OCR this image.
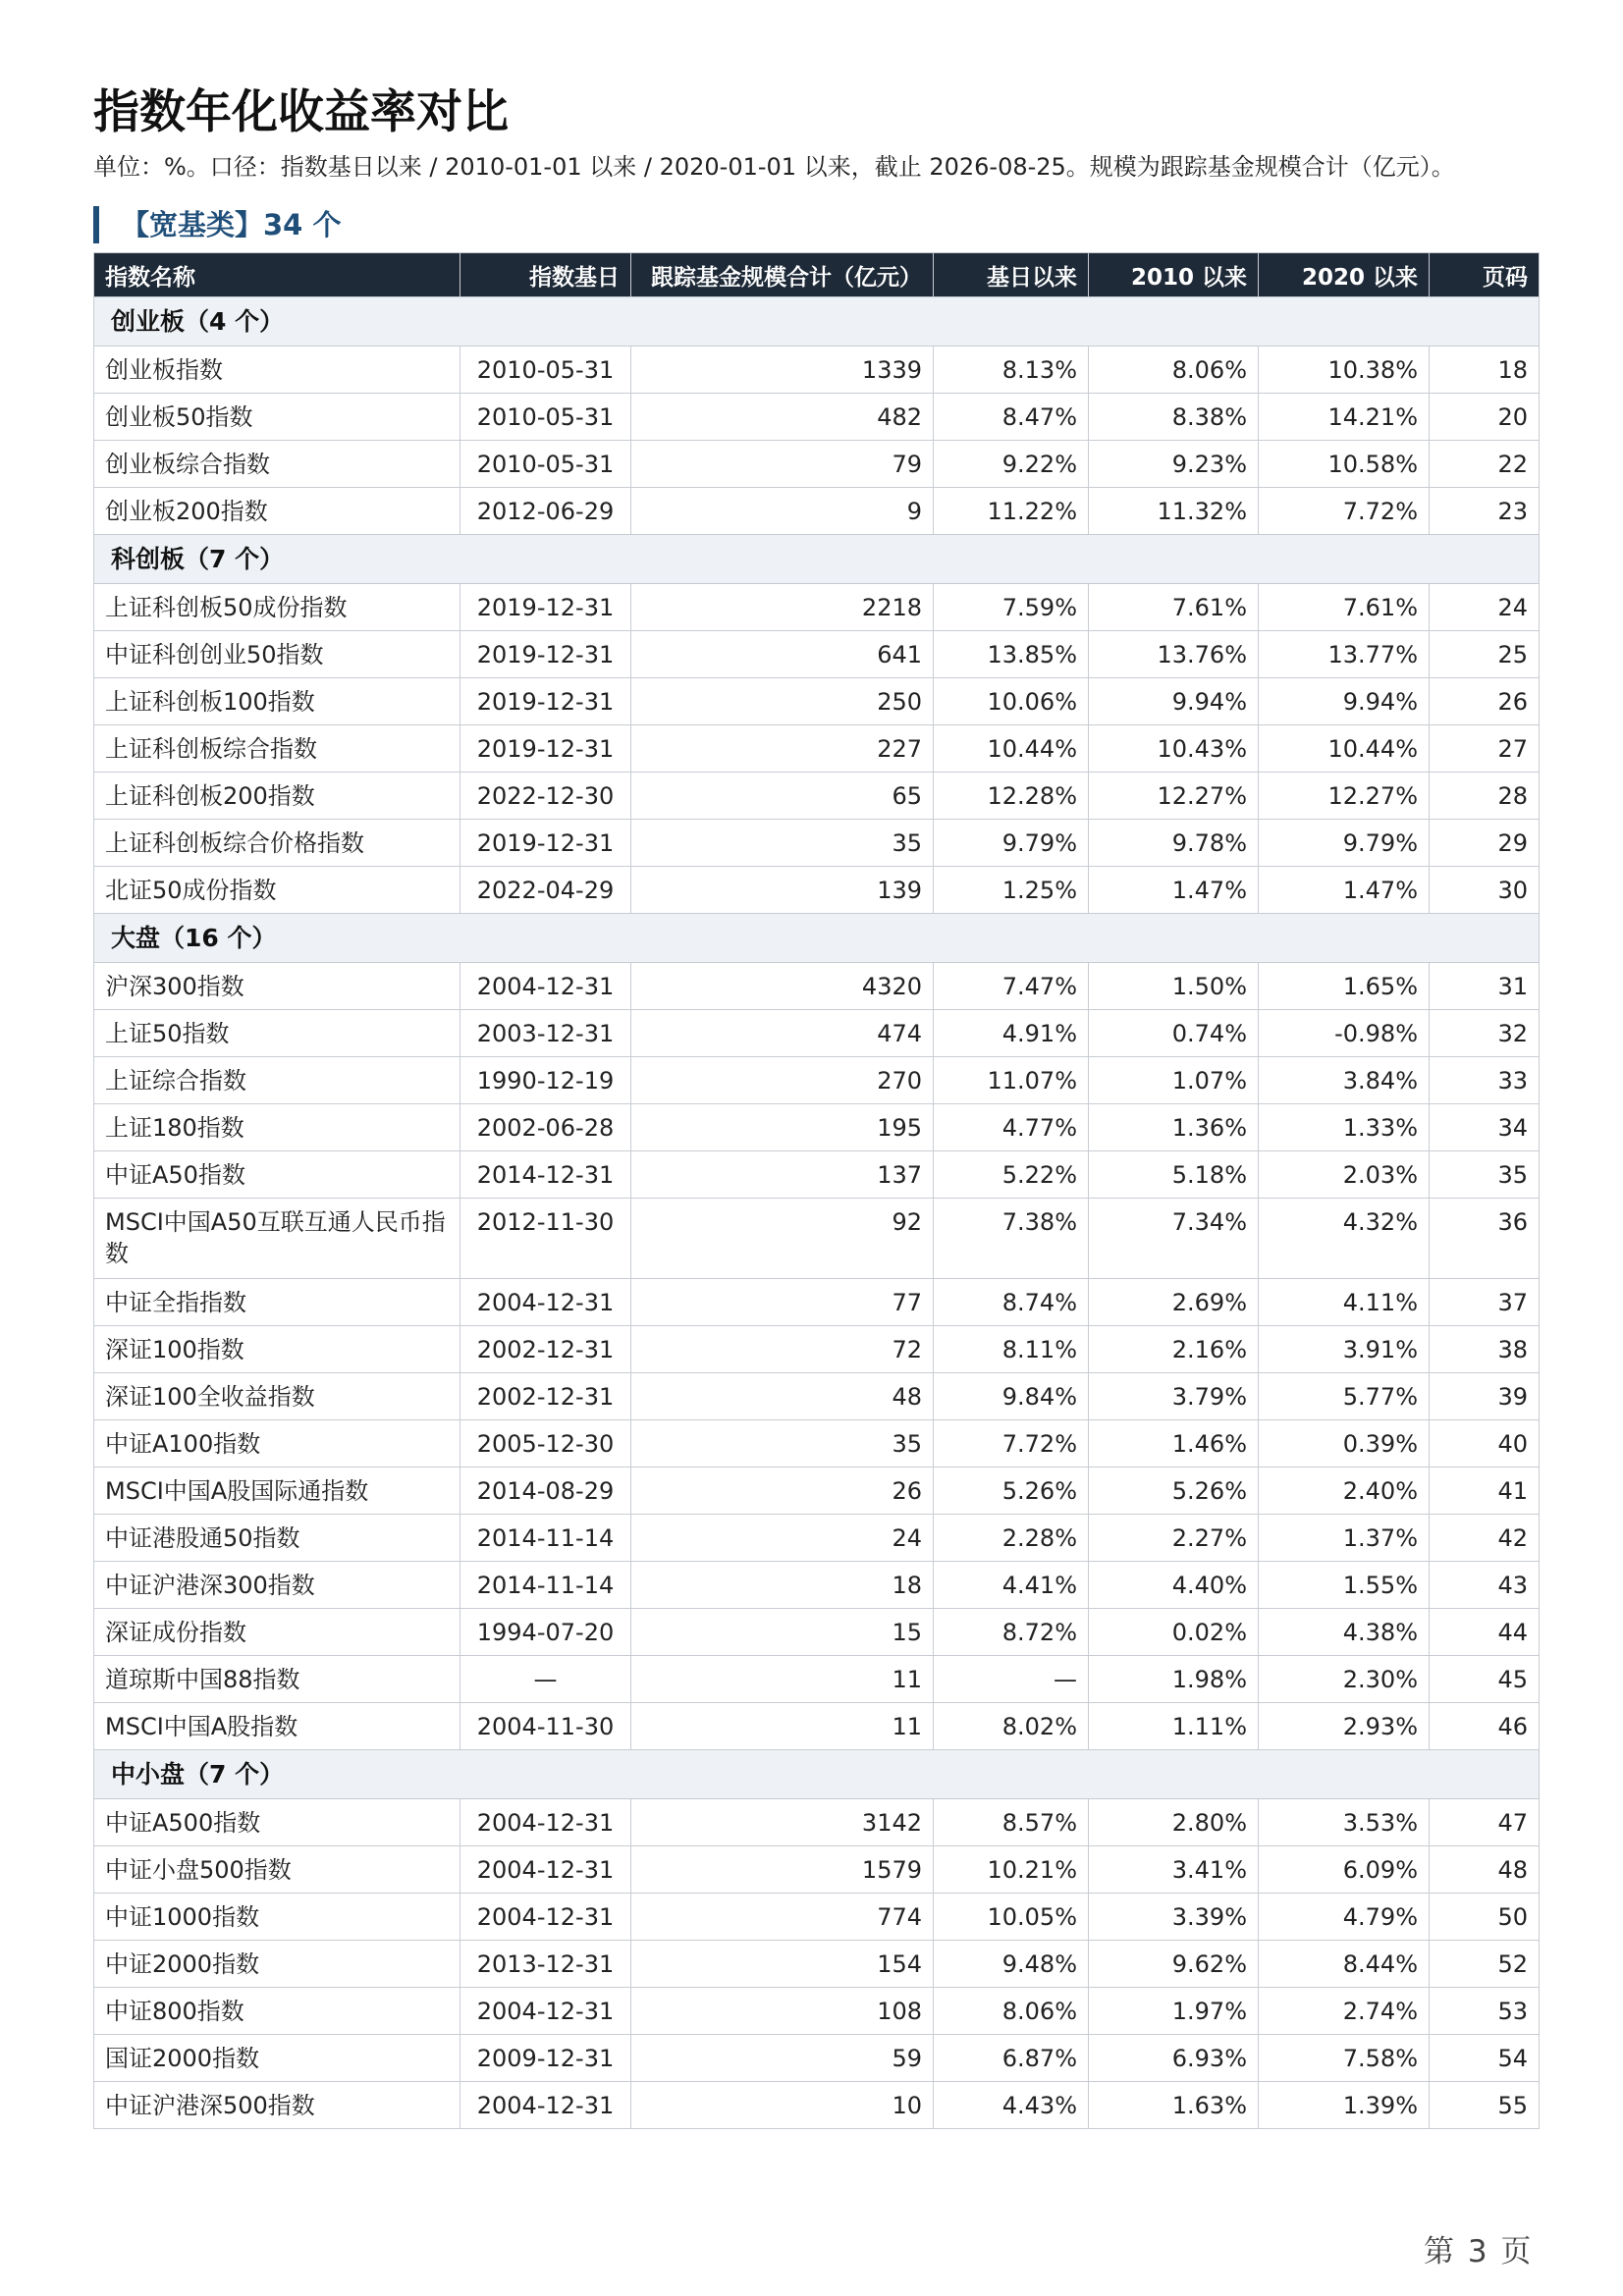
指数年化收益率对比
单位：%。口径：指数基日以来 / 2010-01-01 以来 / 2020-01-01 以来，截止 2026-08-25。规模为跟踪基金规模合计（亿元）。
【宽基类】34 个
指数名称	指数基日	跟踪基金规模合计（亿元）	基日以来	2010 以来	2020 以来	页码
创业板（4 个）						
创业板指数	2010-05-31	1339	8.13%	8.06%	10.38%	18
创业板50指数	2010-05-31	482	8.47%	8.38%	14.21%	20
创业板综合指数	2010-05-31	79	9.22%	9.23%	10.58%	22
创业板200指数	2012-06-29	9	11.22%	11.32%	7.72%	23
科创板（7 个）						
上证科创板50成份指数	2019-12-31	2218	7.59%	7.61%	7.61%	24
中证科创创业50指数	2019-12-31	641	13.85%	13.76%	13.77%	25
上证科创板100指数	2019-12-31	250	10.06%	9.94%	9.94%	26
上证科创板综合指数	2019-12-31	227	10.44%	10.43%	10.44%	27
上证科创板200指数	2022-12-30	65	12.28%	12.27%	12.27%	28
上证科创板综合价格指数	2019-12-31	35	9.79%	9.78%	9.79%	29
北证50成份指数	2022-04-29	139	1.25%	1.47%	1.47%	30
大盘（16 个）						
沪深300指数	2004-12-31	4320	7.47%	1.50%	1.65%	31
上证50指数	2003-12-31	474	4.91%	0.74%	-0.98%	32
上证综合指数	1990-12-19	270	11.07%	1.07%	3.84%	33
上证180指数	2002-06-28	195	4.77%	1.36%	1.33%	34
中证A50指数	2014-12-31	137	5.22%	5.18%	2.03%	35
MSCI中国A50互联互通人民币指数	2012-11-30	92	7.38%	7.34%	4.32%	36
中证全指指数	2004-12-31	77	8.74%	2.69%	4.11%	37
深证100指数	2002-12-31	72	8.11%	2.16%	3.91%	38
深证100全收益指数	2002-12-31	48	9.84%	3.79%	5.77%	39
中证A100指数	2005-12-30	35	7.72%	1.46%	0.39%	40
MSCI中国A股国际通指数	2014-08-29	26	5.26%	5.26%	2.40%	41
中证港股通50指数	2014-11-14	24	2.28%	2.27%	1.37%	42
中证沪港深300指数	2014-11-14	18	4.41%	4.40%	1.55%	43
深证成份指数	1994-07-20	15	8.72%	0.02%	4.38%	44
道琼斯中国88指数	—	11	—	1.98%	2.30%	45
MSCI中国A股指数	2004-11-30	11	8.02%	1.11%	2.93%	46
中小盘（7 个）						
中证A500指数	2004-12-31	3142	8.57%	2.80%	3.53%	47
中证小盘500指数	2004-12-31	1579	10.21%	3.41%	6.09%	48
中证1000指数	2004-12-31	774	10.05%	3.39%	4.79%	50
中证2000指数	2013-12-31	154	9.48%	9.62%	8.44%	52
中证800指数	2004-12-31	108	8.06%	1.97%	2.74%	53
国证2000指数	2009-12-31	59	6.87%	6.93%	7.58%	54
中证沪港深500指数	2004-12-31	10	4.43%	1.63%	1.39%	55
第 3 页
